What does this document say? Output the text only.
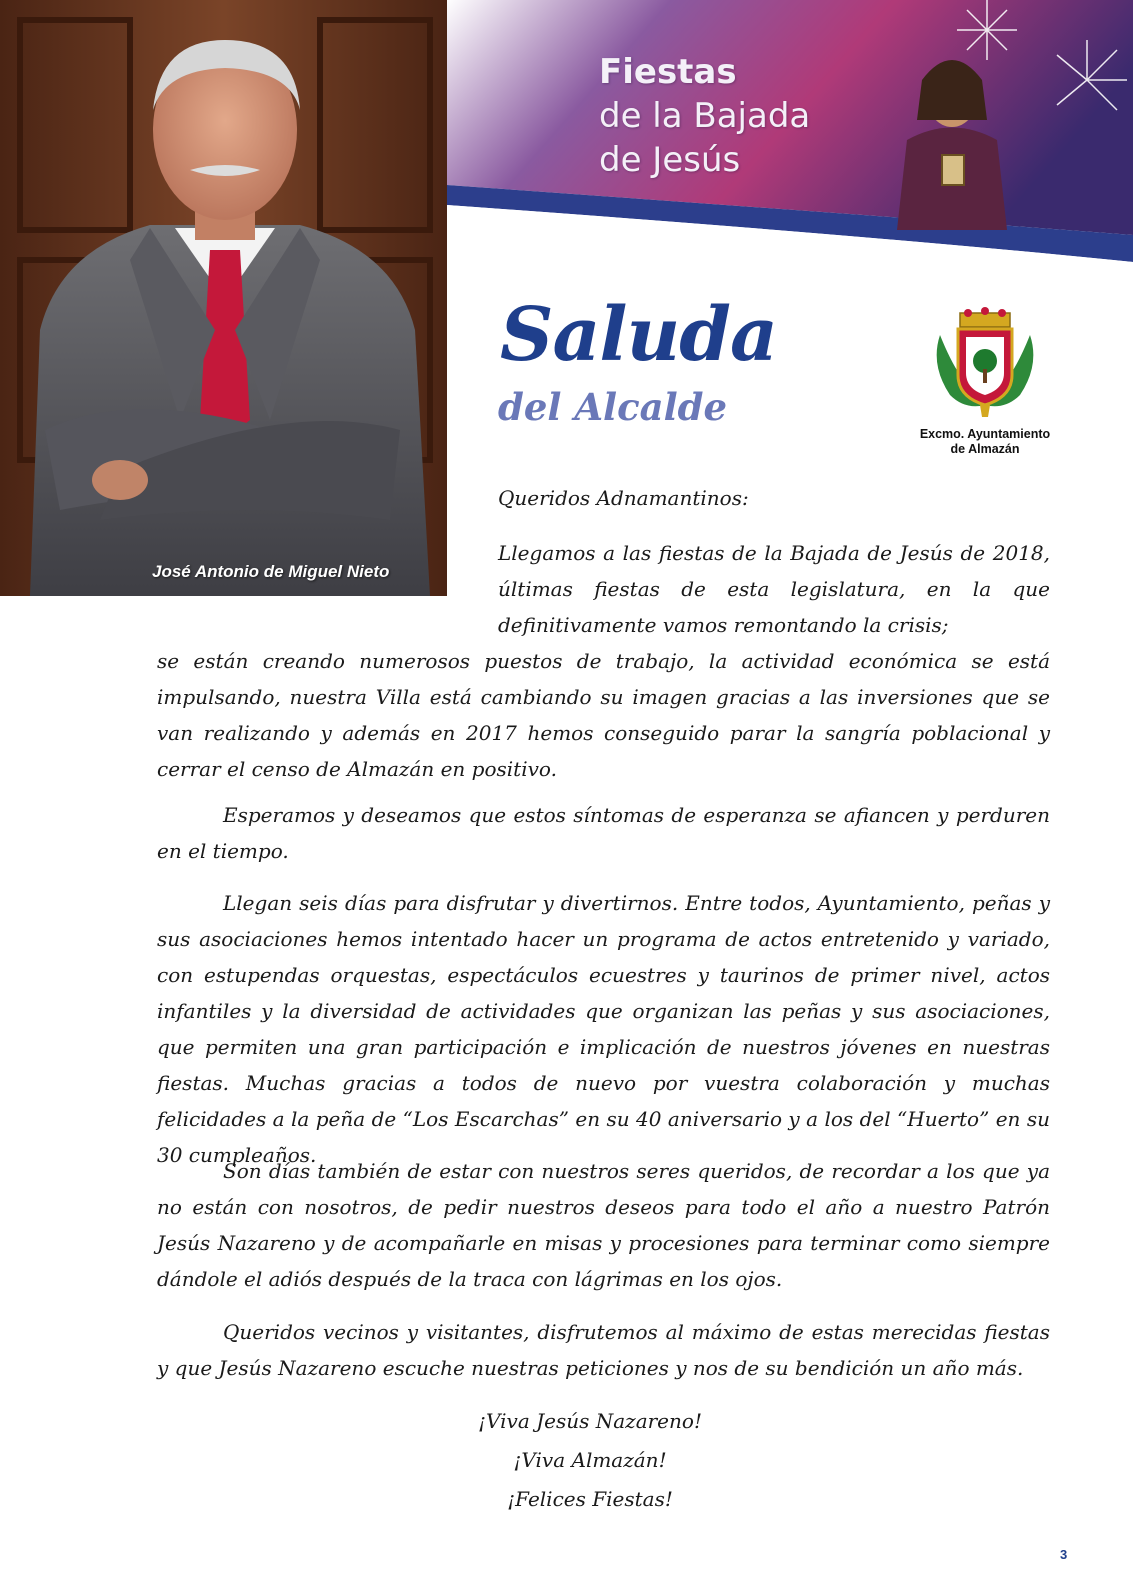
José Antonio de Miguel Nieto
Fiestas
de la Bajada
de Jesús
Saluda
del Alcalde
Excmo. Ayuntamiento
de Almazán
Queridos Adnamantinos:
Llegamos a las fiestas de la Bajada de Jesús de 2018, últimas fiestas de esta legislatura, en la que definitivamente vamos remontando la crisis;
se están creando numerosos puestos de trabajo, la actividad económica se está impulsando, nuestra Villa está cambiando su imagen gracias a las inversiones que se van realizando y además en 2017 hemos conseguido parar la sangría poblacional y cerrar el censo de Almazán en positivo.

Esperamos y deseamos que estos síntomas de esperanza se afiancen y perduren en el tiempo.

Llegan seis días para disfrutar y divertirnos. Entre todos, Ayuntamiento, peñas y sus asociaciones hemos intentado hacer un programa de actos entretenido y variado, con estupendas orquestas, espectáculos ecuestres y taurinos de primer nivel, actos infantiles y la diversidad de actividades que organizan las peñas y sus asociaciones, que permiten una gran participación e implicación de nuestros jóvenes en nuestras fiestas. Muchas gracias a todos de nuevo por vuestra colaboración y muchas felicidades a la peña de “Los Escarchas” en su 40 aniversario y a los del “Huerto” en su 30 cumpleaños.

Son días también de estar con nuestros seres queridos, de recordar a los que ya no están con nosotros, de pedir nuestros deseos para todo el año a nuestro Patrón Jesús Nazareno y de acompañarle en misas y procesiones para terminar como siempre dándole el adiós después de la traca con lágrimas en los ojos.

Queridos vecinos y visitantes, disfrutemos al máximo de estas merecidas fiestas y que Jesús Nazareno escuche nuestras peticiones y nos de su bendición un año más.

¡Viva Jesús Nazareno!

¡Viva Almazán!

¡Felices Fiestas!

3
